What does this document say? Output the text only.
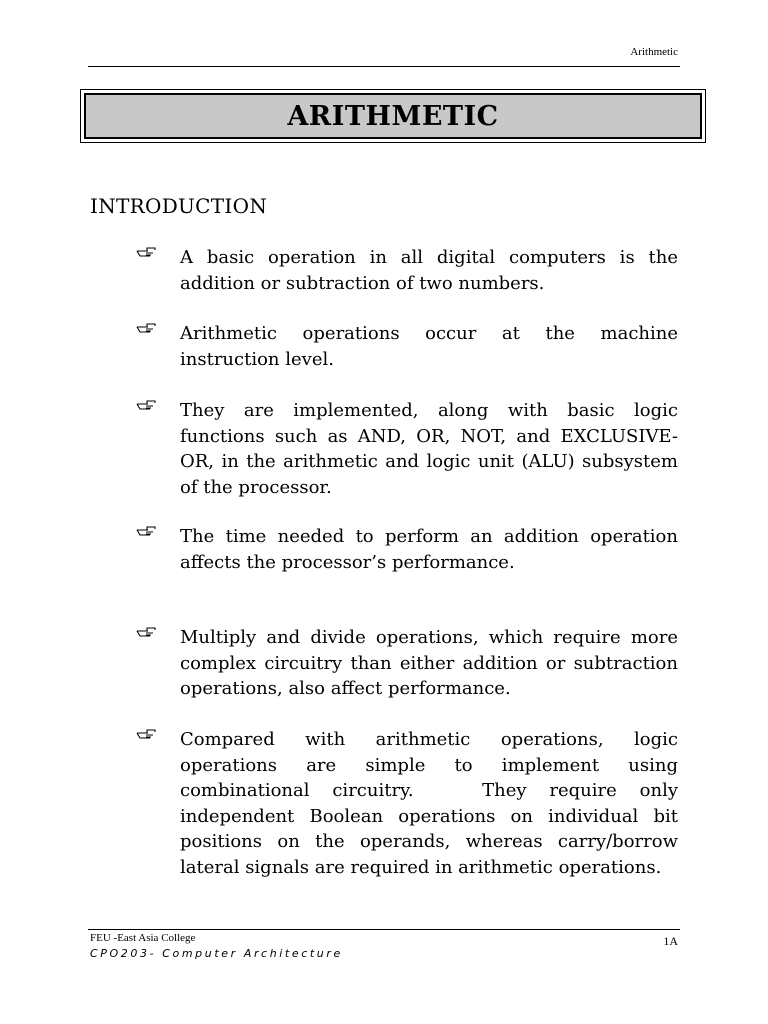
Arithmetic
ARITHMETIC
INTRODUCTION
A basic operation in all digital computers is the addition or subtraction of two numbers.
Arithmetic operations occur at the machine instruction level.
They are implemented, along with basic logic functions such as AND, OR, NOT, and EXCLUSIVE-OR, in the arithmetic and logic unit (ALU) subsystem of the processor.
The time needed to perform an addition operation affects the processor’s performance.
Multiply and divide operations, which require more complex circuitry than either addition or subtraction operations, also affect performance.
Compared with arithmetic operations, logic operations are simple to implement using combinational circuitry.   They require only independent Boolean operations on individual bit positions on the operands, whereas carry/borrow lateral signals are required in arithmetic operations.
FEU -East Asia College
CPO203- Computer Architecture
1A
